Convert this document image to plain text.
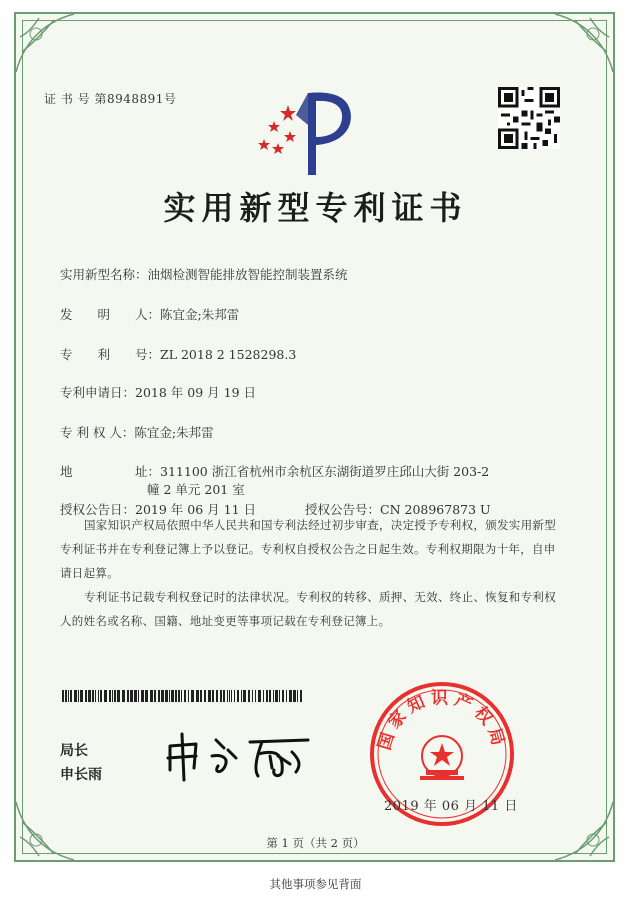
证 书 号 第8948891号
实用新型专利证书
实用新型名称：油烟检测智能排放智能控制装置系统
发　　明　　人：陈宜金;朱邦雷
专　　利　　号：ZL 2018 2 1528298.3
专利申请日：2018 年 09 月 19 日
专 利 权 人：陈宜金;朱邦雷
地　　　　　址：311100 浙江省杭州市余杭区东湖街道罗庄邱山大街 203-2
幢 2 单元 201 室
授权公告日：2019 年 06 月 11 日	授权公告号：CN 208967873 U
国家知识产权局依照中华人民共和国专利法经过初步审查，决定授予专利权，颁发实用新型专利证书并在专利登记簿上予以登记。专利权自授权公告之日起生效。专利权期限为十年，自申请日起算。
专利证书记载专利权登记时的法律状况。专利权的转移、质押、无效、终止、恢复和专利权人的姓名或名称、国籍、地址变更等事项记载在专利登记簿上。
局长
申长雨
国家知识产权局
2019 年 06 月 11 日
第 1 页（共 2 页）
其他事项参见背面
